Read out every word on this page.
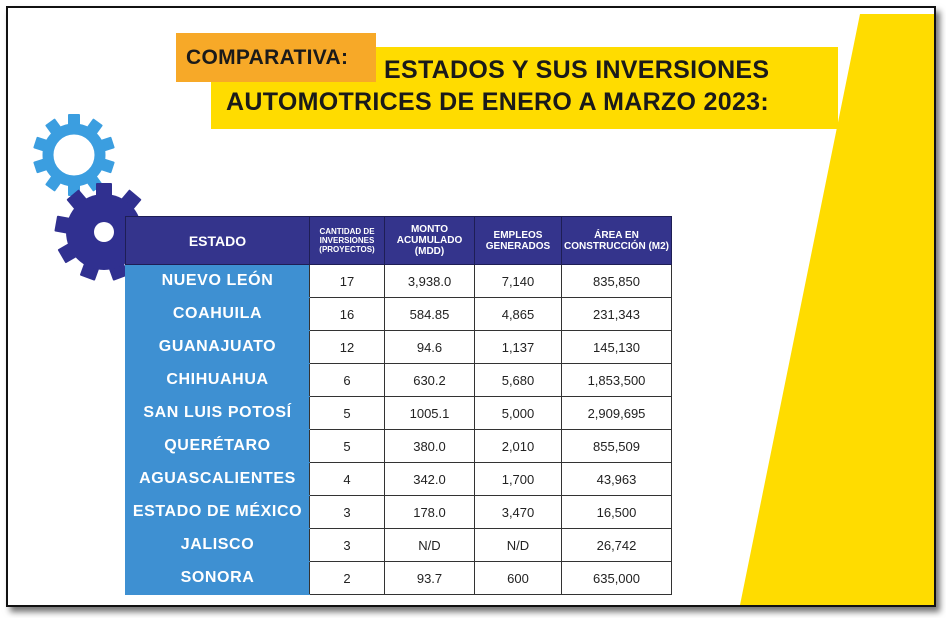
COMPARATIVA: ESTADOS Y SUS INVERSIONES
AUTOMOTRICES DE ENERO A MARZO 2023:
ESTADO	CANTIDAD DE INVERSIONES (PROYECTOS)	MONTO ACUMULADO (MDD)	EMPLEOS GENERADOS	ÁREA EN CONSTRUCCIÓN (M2)
NUEVO LEÓN	17	3,938.0	7,140	835,850
COAHUILA	16	584.85	4,865	231,343
GUANAJUATO	12	94.6	1,137	145,130
CHIHUAHUA	6	630.2	5,680	1,853,500
SAN LUIS POTOSÍ	5	1005.1	5,000	2,909,695
QUERÉTARO	5	380.0	2,010	855,509
AGUASCALIENTES	4	342.0	1,700	43,963
ESTADO DE MÉXICO	3	178.0	3,470	16,500
JALISCO	3	N/D	N/D	26,742
SONORA	2	93.7	600	635,000
